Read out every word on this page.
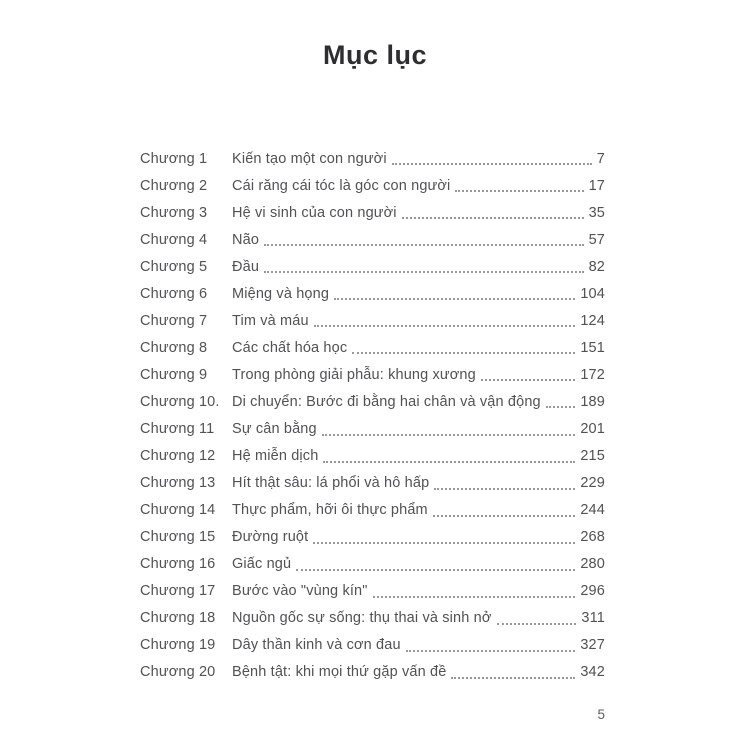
Mục lục
Chương 1	Kiến tạo một con người	7
Chương 2	Cái răng cái tóc là góc con người	17
Chương 3	Hệ vi sinh của con người	35
Chương 4	Não	57
Chương 5	Đầu	82
Chương 6	Miệng và họng	104
Chương 7	Tim và máu	124
Chương 8	Các chất hóa học	151
Chương 9	Trong phòng giải phẫu: khung xương	172
Chương 10. Di chuyển: Bước đi bằng hai chân và vận động	189
Chương 11	Sự cân bằng	201
Chương 12	Hệ miễn dịch	215
Chương 13	Hít thật sâu: lá phổi và hô hấp	229
Chương 14	Thực phẩm, hỡi ôi thực phẩm	244
Chương 15	Đường ruột	268
Chương 16	Giấc ngủ	280
Chương 17	Bước vào "vùng kín"	296
Chương 18	Nguồn gốc sự sống: thụ thai và sinh nở	311
Chương 19	Dây thần kinh và cơn đau	327
Chương 20	Bệnh tật: khi mọi thứ gặp vấn đề	342
5
